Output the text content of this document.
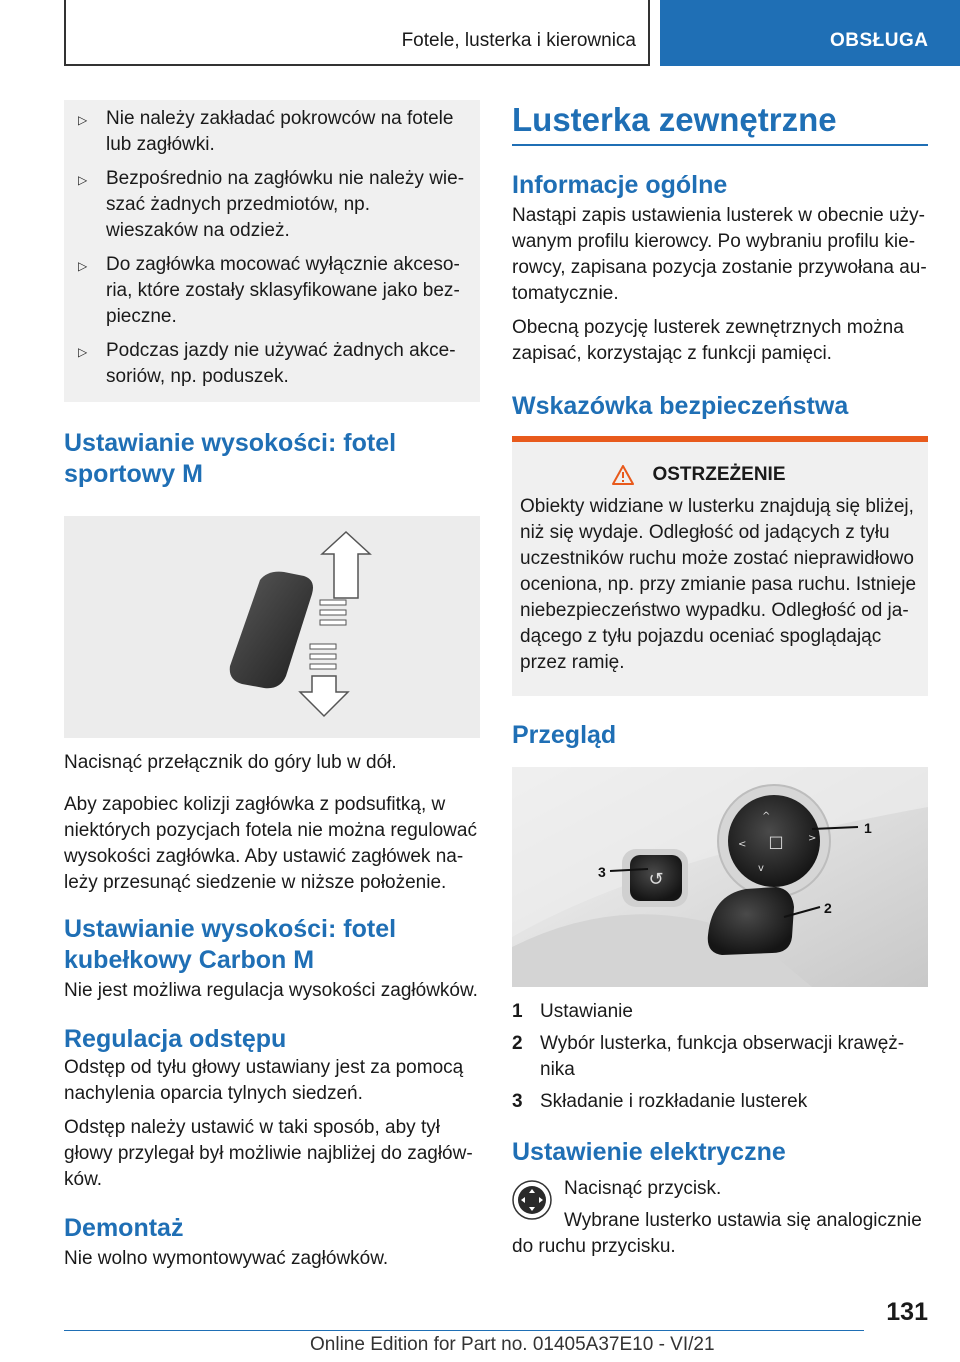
Fotele, lusterka i kierownica	OBSŁUGA
▷ Nie należy zakładać pokrowców na fotele lub zagłówki.
▷ Bezpośrednio na zagłówku nie należy wieszać żadnych przedmiotów, np. wieszaków na odzież.
▷ Do zagłówka mocować wyłącznie akcesoria, które zostały sklasyfikowane jako bezpieczne.
▷ Podczas jazdy nie używać żadnych akcesoriów, np. poduszek.
Ustawianie wysokości: fotel sportowy M
Nacisnąć przełącznik do góry lub w dół.
Aby zapobiec kolizji zagłówka z podsufitką, w niektórych pozycjach fotela nie można regulować wysokości zagłówka. Aby ustawić zagłówek należy przesunąć siedzenie w niższe położenie.
Ustawianie wysokości: fotel kubełkowy Carbon M
Nie jest możliwa regulacja wysokości zagłówków.
Regulacja odstępu
Odstęp od tyłu głowy ustawiany jest za pomocą nachylenia oparcia tylnych siedzeń.
Odstęp należy ustawić w taki sposób, aby tył głowy przylegał był możliwie najbliżej do zagłówków.
Demontaż
Nie wolno wymontowywać zagłówków.
Lusterka zewnętrzne
Informacje ogólne
Nastąpi zapis ustawienia lusterek w obecnie używanym profilu kierowcy. Po wybraniu profilu kierowcy, zapisana pozycja zostanie przywołana automatycznie.
Obecną pozycję lusterek zewnętrznych można zapisać, korzystając z funkcji pamięci.
Wskazówka bezpieczeństwa
OSTRZEŻENIE
Obiekty widziane w lusterku znajdują się bliżej, niż się wydaje. Odległość od jadących z tyłu uczestników ruchu może zostać nieprawidłowo oceniona, np. przy zmianie pasa ruchu. Istnieje niebezpieczeństwo wypadku. Odległość od jadącego z tyłu pojazdu oceniać spoglądając przez ramię.
Przegląd
□
^
v
<
>
↺
1
2
3
1 Ustawianie
2 Wybór lusterka, funkcja obserwacji krawężnika
3 Składanie i rozkładanie lusterek
Ustawienie elektryczne
Nacisnąć przycisk.
Wybrane lusterko ustawia się analogicznie do ruchu przycisku.
131
Online Edition for Part no. 01405A37E10 - VI/21
